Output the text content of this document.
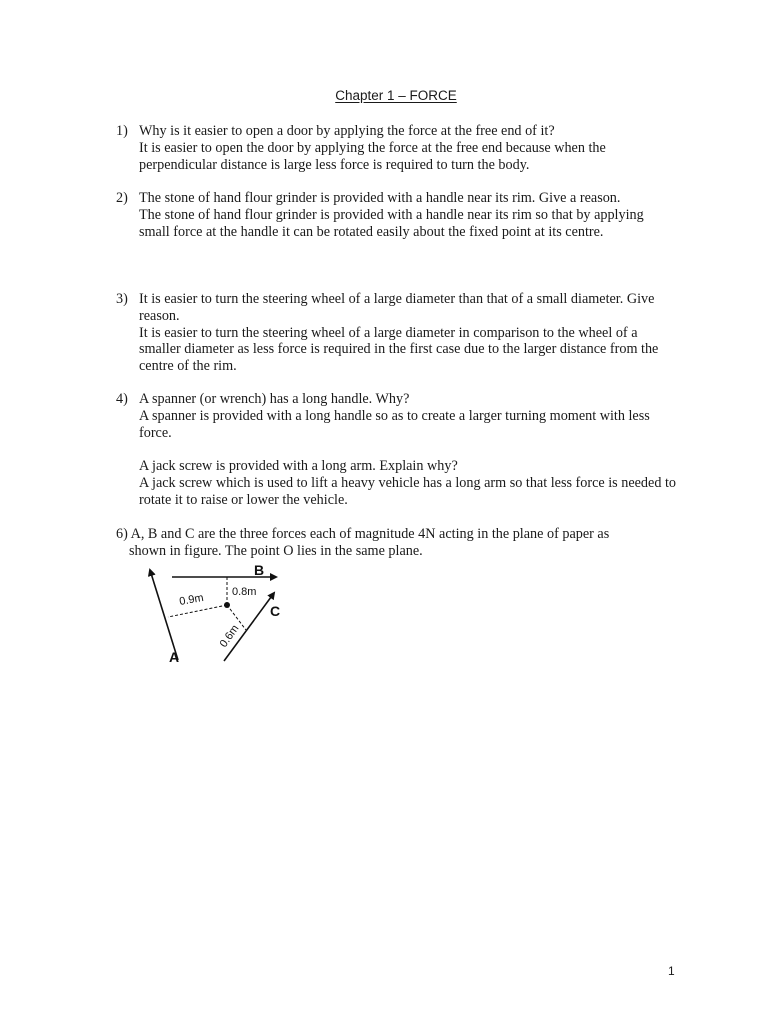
Chapter 1 – FORCE
1) Why is it easier to open a door by applying the force at the free end of it?

It is easier to open the door by applying the force at the free end because when the perpendicular distance is large less force is required to turn the body.

2) The stone of hand flour grinder is provided with a handle near its rim. Give a reason.

The stone of hand flour grinder is provided with a handle near its rim so that by applying small force at the handle it can be rotated easily about the fixed point at its centre.

3) It is easier to turn the steering wheel of a large diameter than that of a small diameter. Give reason.

It is easier to turn the steering wheel of a large diameter in comparison to the wheel of a smaller diameter as less force is required in the first case due to the larger distance from the centre of the rim.

4) A spanner (or wrench) has a long handle. Why?

A spanner is provided with a long handle so as to create a larger turning moment with less force.

A jack screw is provided with a long arm. Explain why?

A jack screw which is used to lift a heavy vehicle has a long arm so that less force is needed to rotate it to raise or lower the vehicle.

6) A, B and C are the three forces each of magnitude 4N acting in the plane of paper as
shown in figure. The point O lies in the same plane.
B
C
A
0.8m
0.9m
0.6m
1
